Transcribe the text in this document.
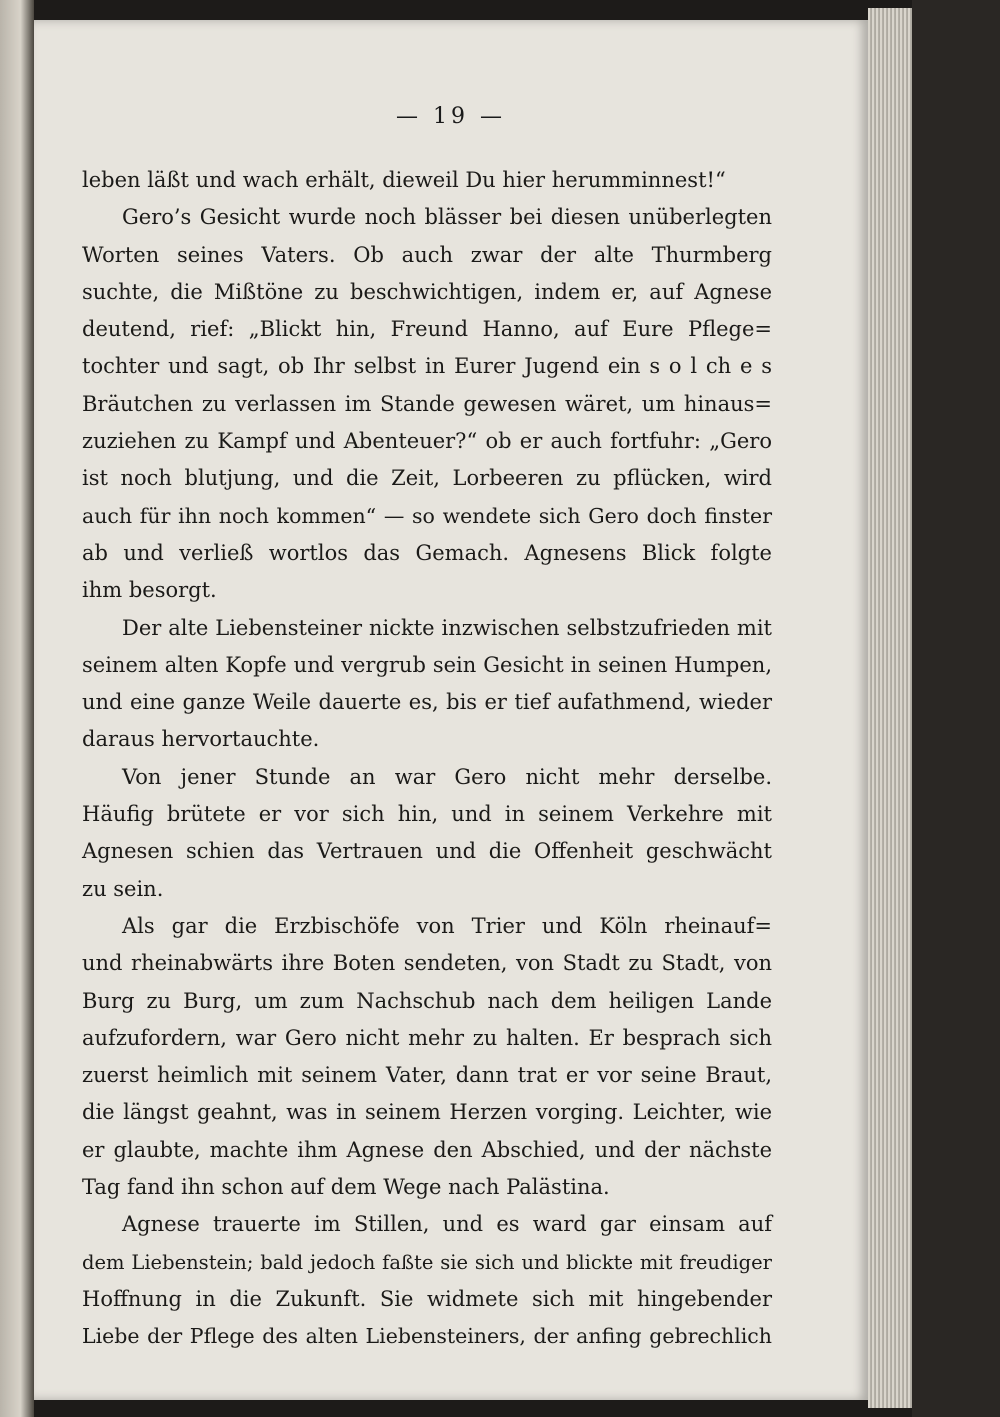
— 19 —
leben läßt und wach erhält, dieweil Du hier herumminnest!“
Gero’s Gesicht wurde noch blässer bei diesen unüberlegten
Worten seines Vaters. Ob auch zwar der alte Thurmberg
suchte, die Mißtöne zu beschwichtigen, indem er, auf Agnese
deutend, rief: „Blickt hin, Freund Hanno, auf Eure Pflege=
tochter und sagt, ob Ihr selbst in Eurer Jugend ein s o l ch e s
Bräutchen zu verlassen im Stande gewesen wäret, um hinaus=
zuziehen zu Kampf und Abenteuer?“ ob er auch fortfuhr: „Gero
ist noch blutjung, und die Zeit, Lorbeeren zu pflücken, wird
auch für ihn noch kommen“ — so wendete sich Gero doch finster
ab und verließ wortlos das Gemach. Agnesens Blick folgte
ihm besorgt.
Der alte Liebensteiner nickte inzwischen selbstzufrieden mit
seinem alten Kopfe und vergrub sein Gesicht in seinen Humpen,
und eine ganze Weile dauerte es, bis er tief aufathmend, wieder
daraus hervortauchte.
Von jener Stunde an war Gero nicht mehr derselbe.
Häufig brütete er vor sich hin, und in seinem Verkehre mit
Agnesen schien das Vertrauen und die Offenheit geschwächt
zu sein.
Als gar die Erzbischöfe von Trier und Köln rheinauf=
und rheinabwärts ihre Boten sendeten, von Stadt zu Stadt, von
Burg zu Burg, um zum Nachschub nach dem heiligen Lande
aufzufordern, war Gero nicht mehr zu halten. Er besprach sich
zuerst heimlich mit seinem Vater, dann trat er vor seine Braut,
die längst geahnt, was in seinem Herzen vorging. Leichter, wie
er glaubte, machte ihm Agnese den Abschied, und der nächste
Tag fand ihn schon auf dem Wege nach Palästina.
Agnese trauerte im Stillen, und es ward gar einsam auf
dem Liebenstein; bald jedoch faßte sie sich und blickte mit freudiger
Hoffnung in die Zukunft. Sie widmete sich mit hingebender
Liebe der Pflege des alten Liebensteiners, der anfing gebrechlich
